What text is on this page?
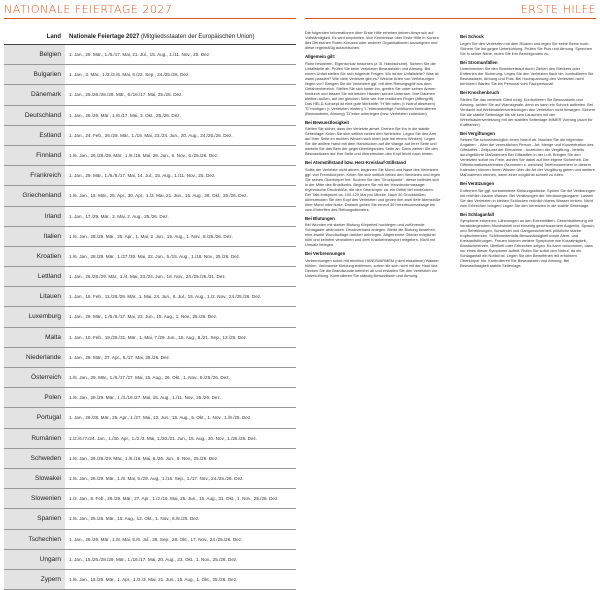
NATIONALE FEIERTAGE 2027	ERSTE HILFE
Land	Nationale Feiertage 2027 (Mitgliedsstaaten der Europäischen Union)
Belgien	1. Jan., 29. Mär., 1./6./17. Mai, 21. Jul., 15. Aug., 1./11. Nov., 25. Dez.
Bulgarien	1. Jan., 3. Mär., 1./2./3./6. Mai, 6./22. Sep., 24./25./26. Dez.
Dänemark	1. Jan., 25./26./28./29. Mär., 6./16./17. Mai, 25./26. Dez.
Deutschland	1. Jan., 26./29. Mär., 1./6./17. Mai, 3. Okt., 25./26. Dez.
Estland	1. Jan., 24. Feb., 26./28. Mär., 1./16. Mai, 23./24. Jun., 20. Aug., 24./25./26. Dez.
Finnland	1./6. Jan., 26./28./29. Mär., 1./6./16. Mai, 26. Jun., 6. Nov., 6./25./26. Dez.
Frankreich	1. Jan., 29. Mär., 1./6./8./17. Mai, 14. Jul., 15. Aug., 1./11. Nov., 25. Dez.
Griechenland	1./6. Jan., 15. Mär., 25. Apr., 30. Apr., 1./3. Mai, 21. Jun., 15. Aug., 28. Okt., 25./26. Dez.
Irland	1. Jan., 17./29. Mär., 3. Mai, 2. Aug., 25./26. Dez.
Italien	1./6. Jan., 28./29. Mär., 25. Apr., 1. Mai, 2. Jun., 15. Aug., 1. Nov., 8./25./26. Dez.
Kroatien	1./6. Jan., 28./29. Mär., 1./27./30. Mai, 22. Jun., 5./15. Aug., 1./18. Nov., 25./26. Dez.
Lettland	1. Jan., 26./28./29. Mär., 1./4. Mai, 23./24. Jun., 18. Nov., 24./25./26./31. Dez.
Litauen	1. Jan., 16. Feb., 11./28./29. Mär., 1. Mai, 24. Jun., 6. Jul., 15. Aug., 1./2. Nov., 24./25./26. Dez.
Luxemburg	1. Jan., 29. Mär., 1./6./9./17. Mai, 23. Jun., 15. Aug., 1. Nov., 25./26. Dez.
Malta	1. Jan., 10. Feb., 19./26./31. Mär., 1. Mai, 7./29. Jun., 15. Aug., 8./21. Sep., 13./25. Dez.
Niederlande	1. Jan., 29. Mär., 27. Apr., 6./17. Mai, 25./26. Dez.
Österreich	1./6. Jan., 29. Mär., 1./6./17./27. Mai, 15. Aug., 26. Okt., 1. Nov., 8./25./26. Dez.
Polen	1./6. Jan., 28./29. Mär., 1./3./16./27. Mai, 15. Aug., 1./11. Nov., 25./26. Dez.
Portugal	1. Jan., 26./28. Mär., 25. Apr., 1./27. Mai, 10. Jun., 15. Aug., 5. Okt., 1. Nov., 1./8./25. Dez.
Rumänien	1./2./6./7./24. Jan., 1./30. Apr., 1./2./3. Mai, 1./20./21. Jun., 15. Aug., 30. Nov., 1./25./26. Dez.
Schweden	1./6. Jan., 26./28./29. Mär., 1./6./16. Mai, 6./26. Jun., 6. Nov., 25./26. Dez.
Slowakei	1./6. Jan., 26./29. Mär., 1./8. Mai, 5./29. Aug., 1./15. Sep., 1./17. Nov., 24./25./26. Dez.
Slowenien	1./2. Jan., 8. Feb., 28./29. Mär., 27. Apr., 1./2./16. Mai, 25. Jun., 15. Aug., 31. Okt., 1. Nov., 25./26. Dez.
Spanien	1./6. Jan., 25./26. Mär., 15. Aug., 12. Okt., 1. Nov., 6./8./25. Dez.
Tschechien	1. Jan., 26./29. Mär., 1./8. Mai, 5./6. Jul., 28. Sep., 28. Okt., 17. Nov., 24./25./26. Dez.
Ungarn	1. Jan., 15./26./28./29. Mär., 1./16./17. Mai, 20. Aug., 23. Okt., 1. Nov., 25./26. Dez.
Zypern	1./6. Jan., 15./25. Mär., 1. Apr., 1./2./3. Mai, 21. Jun., 15. Aug., 1. Okt., 25./26. Dez.

Die folgenden Informationen über Erste Hilfe erheben keinen Anspruch auf Vollständigkeit. Es wird empfohlen, sich Kenntnisse über Erste Hilfe in Kursen des Deutschen Roten Kreuzes oder anderer Organisationen anzueignen und diese regelmäßig aufzufrischen.

Allgemein gilt:

Ruhe bewahren. Eigenschutz beachten (z. B. Handschuhe). Sichern Sie die Unfallstelle ab. Prüfen Sie beim Verletzten Bewusstsein und Atmung. Bei einem Unfall stellen Sie sich folgende Fragen: Wo ist der Unfallstelle? Was ist wann passiert? Wie viele Verletzte gibt es? Welche Arten von Verletzungen liegen vor? Bringen Sie die Verletzten ggf. mit dem Rettungsgriff aus dem Gefahrenbereich. Stellen Sie sich hinter ihn, greifen Sie unter seinen Armen hindurch und fassen Sie mit beiden Händen seinen Unterarm. Ihre Daumen bleiben außen, auf der gleichen Seite wie Ihre restlichen Finger (Affengriff). Das HELD-Konzept ist eine gute Merkhilfe: "H"ilfe rufen (= Notruf absetzen) "E"rmutigen (= Verletzten trösten) "L"ebenswichtige Funktionen kontrollieren (Bewusstsein, Atmung) "D"ecke unterlegen (bzw. Verletzten zudecken)

Bei Bewusstlosigkeit

Stellen Sie sicher, dass der Verletzte atmet. Drehen Sie ihn in die stabile Seitenlage: Knien Sie sich seitlich neben den Verletzten. Legen Sie den Arm auf Ihrer Seite im rechten Winkel nach oben (wie bei einem Winken). Legen Sie die andere Hand mit dem Handrücken auf die Wange auf Ihrer Seite und winkeln Sie das Bein der gegenüberliegenden Seite an. Dann ziehen Sie den Bewusstlosen auf Ihre Seite und überstrecken den Kopf leicht nach hinten.

Bei Atemstillstand bzw. Herz-Kreislauf-Stillstand

Sollte der Verletzte nicht atmen, beginnen Sie Mund und Nase des Verletzten ggf. von Fremdkörpern. Knien Sie sich seitlich neben den Verletzten und legen Sie seinen Oberkörper frei. Suchen Sie den "Druckpunkt", dieser befindet sich in der Mitte des Brustkorbs. Beginnen Sie mit der Herzdruckmassage: rhythmische Druckstöße, die den Oberkörper ca. ein Drittel tief eindrücken. Der Takt entspricht ca. 100-120 Mal pro Minute. Nach 30 Druckstößen überstrecken Sie den Kopf des Verletzten und geben ihm zwei tiefe Atemstöße über Mund oder Nase. Danach geben Sie erneut 30 Herzdruckmassage bis zum Eintreffen des Rettungsdienstes.

Bei Blutungen

Bei Wunden mit starker Blutung Körperteil hochlegen und zuführende Schlagader abdrücken. Druckverband anlegen. Bleibt die Blutung bestehen, eine zweite Wundauflage darüber anbringen. Abgetrennte Glieder möglichst kühl und keimfrei verwahren und dem Krankentransport mitgeben. Nicht mit Umsatz belegen.

Bei Verbrennungen

Verbrennungen sofort mit reichlich HANDWARMEM (nicht eiskaltem!) Wasser kühlen. Verbrannte Kleidung entfernen, sofern sie sich nicht mit der Haut löst. Decken Sie die Brandwunde keimfrei ab und erstatten Sie den Verletzten vor Unterkühlung. Kontrollieren Sie ständig Bewusstsein und Atmung.

Bei Schock

Legen Sie den Verletzten mit dem Rücken und legen Sie seine Beine hoch. Sichern Sie ihn gegen Unterkühlung. Prüfen Sie Puls und Atmung. Sprechen Sie in seiner Nähe, reden Sie ihm Beruhigendes zu.

Bei Stromunfällen

Unterbrechen Sie den Stromkreislauf durch Ziehen des Steckers oder Entfernen der Sicherung. Legen Sie den Verletzten flach hin, kontrollieren Sie Bewusstsein, Atmung und Puls. Bei Hochspannung den Verletzten nicht berühren! Warten Sie bis Personal vom Fachpersonal!

Bei Knochenbruch

Stellen Sie das verletzte Glied ruhig. Kontrollieren Sie Bewusstsein und Atmung, achten Sie auf Warnsignale, denn es kann ein Schock auftreten. Bei Verdacht auf Wirbelsäulenverletzungen den Verletzten nicht bewegen. Sichern Sie die stabile Seitenlage bis sie kein Lauschen mit der Wirbelsäulenverletzung mit der stabilen Seitenlage IMMER Vorrang (auch für Kraftfahrer).

Bei Vergiftungen

Setzen Sie schnellstmöglich einen Notruf ab. Machen Sie die folgenden Angaben: - Alter der vermutlichen Person - Art, Menge und Konzentration des Giftstoffes - Zeitpunkt der Einnahme - Anzeichen der Vergiftung - bereits durchgeführte Maßnahmen Bei Giftstoffen in der Luft: Bringen Sie den Verletzten sofort ins Freie, achten Sie dabei auf Ihre eigene Sicherheit. Die Giftinformationszentralen (Nummern s. welches) Telefonnummern in diesem Kalender) können Ihnen Wissen über die Art der Vergiftung geben und weitere Maßnahmen nennen, wenn einer möglichst schnell zu rufen.

Bei Verätzungen

Entfernen Sie ggf. kontaminierte Kleidungsstücke. Spülen Sie die Verätzungen mit reichlich klarem Wasser. Bei Verätzungen der Verdauungsorgane: Lassen Sie den Verletzten in kleinen Schlucken reichlich klares Wasser trinken. Nicht zum Erbrechen bringen! Legen Sie den Verletzten in die stabile Seitenlage.

Bei Schlaganfall

Symptome erkennen: Lähmungen an den Extremitäten, Gesichtslähmung mit herabhängendem Mundwinkel und einseitig geschlossenem Augenlid, Sprach- und Sehstörungen, Schwindel und Gangunsicherheit, plötzliche starke Kopfschmerzen. Schlimmstenfalls Bewusstlosigkeit sowie Atem- und Kreislaufstörungen. Frauen können weitere Symptome wie Kurzatmigkeit, Brustschmerzen, Übelkeit oder Erbrechen zeigen. Es kann vorkommen, dass nur eines dieser Symptome auftritt. Rufen Sie sofort den Notruf, da ein Schlaganfall ein Notfall ist. Legen Sie den Betroffenen mit erhöhtem Oberkörper hin. Kontrollieren Sie Bewusstsein und Atmung. Bei Bewusstlosigkeit stabile Seitenlage.
